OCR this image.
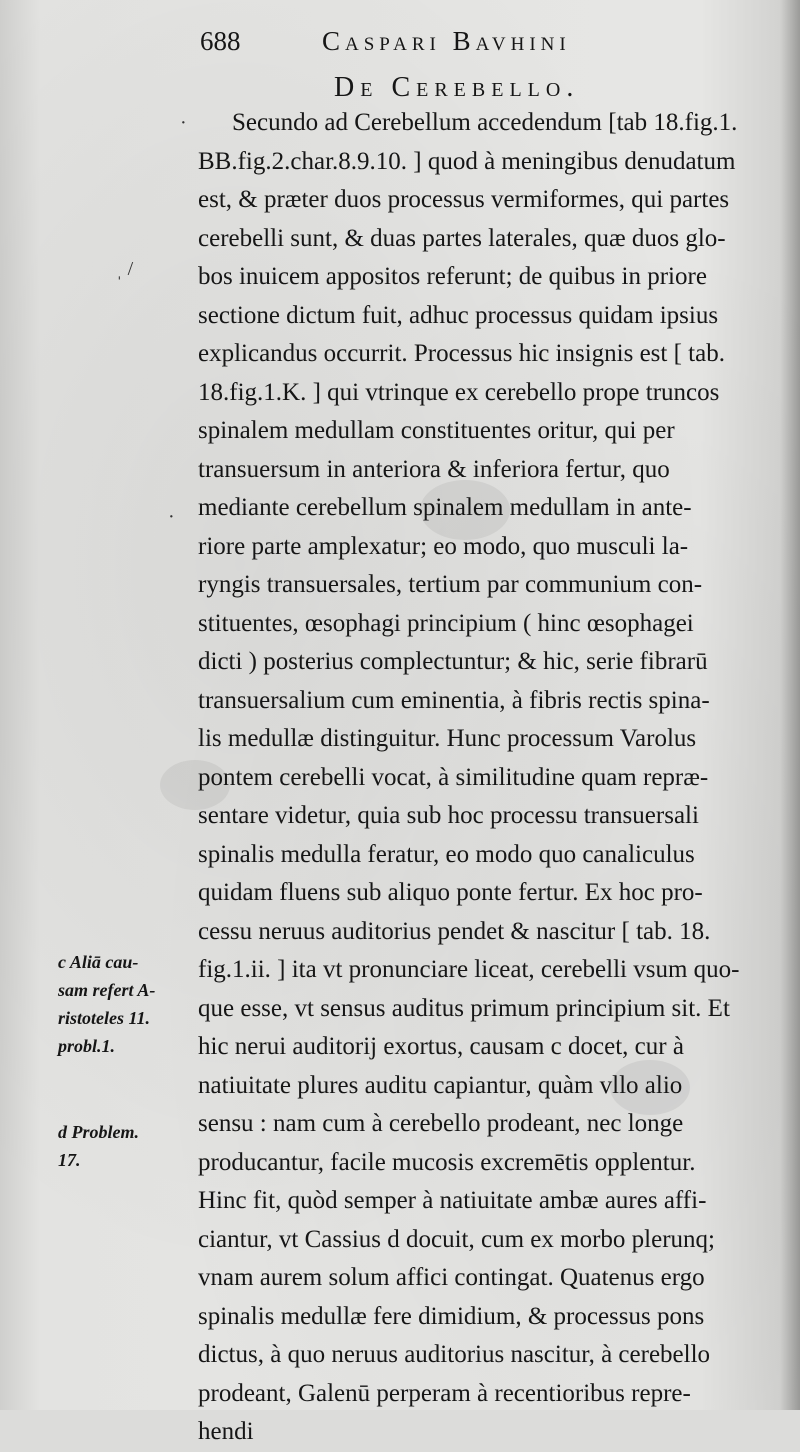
688	Caspari Bavhini
De Cerebello.
·
ˌ /
·
Secundo ad Cerebellum accedendum [tab 18.fig.1.
BB.fig.2.char.8.9.10. ] quod à meningibus denudatum
est, & præter duos processus vermiformes, qui partes
cerebelli sunt, & duas partes laterales, quæ duos glo-
bos inuicem appositos referunt; de quibus in priore
sectione dictum fuit, adhuc processus quidam ipsius
explicandus occurrit. Processus hic insignis est [ tab.
18.fig.1.K. ] qui vtrinque ex cerebello prope truncos
spinalem medullam constituentes oritur, qui per
transuersum in anteriora & inferiora fertur, quo
mediante cerebellum spinalem medullam in ante-
riore parte amplexatur; eo modo, quo musculi la-
ryngis transuersales, tertium par communium con-
stituentes, œsophagi principium ( hinc œsophagei
dicti ) posterius complectuntur; & hic, serie fibrarū
transuersalium cum eminentia, à fibris rectis spina-
lis medullæ distinguitur. Hunc processum Varolus
pontem cerebelli vocat, à similitudine quam repræ-
sentare videtur, quia sub hoc processu transuersali
spinalis medulla feratur, eo modo quo canaliculus
quidam fluens sub aliquo ponte fertur. Ex hoc pro-
cessu neruus auditorius pendet & nascitur [ tab. 18.
fig.1.ii. ] ita vt pronunciare liceat, cerebelli vsum quo-
que esse, vt sensus auditus primum principium sit. Et
hic nerui auditorij exortus, causam c docet, cur à
natiuitate plures auditu capiantur, quàm vllo alio
sensu : nam cum à cerebello prodeant, nec longe
producantur, facile mucosis excremētis opplentur.
Hinc fit, quòd semper à natiuitate ambæ aures affi-
ciantur, vt Cassius d docuit, cum ex morbo plerunq;
vnam aurem solum affici contingat. Quatenus ergo
spinalis medullæ fere dimidium, & processus pons
dictus, à quo neruus auditorius nascitur, à cerebello
prodeant, Galenū perperam à recentioribus repre-
hendi
c Aliā cau-
sam refert A-
ristoteles 11.
probl.1.
d Problem.
17.
